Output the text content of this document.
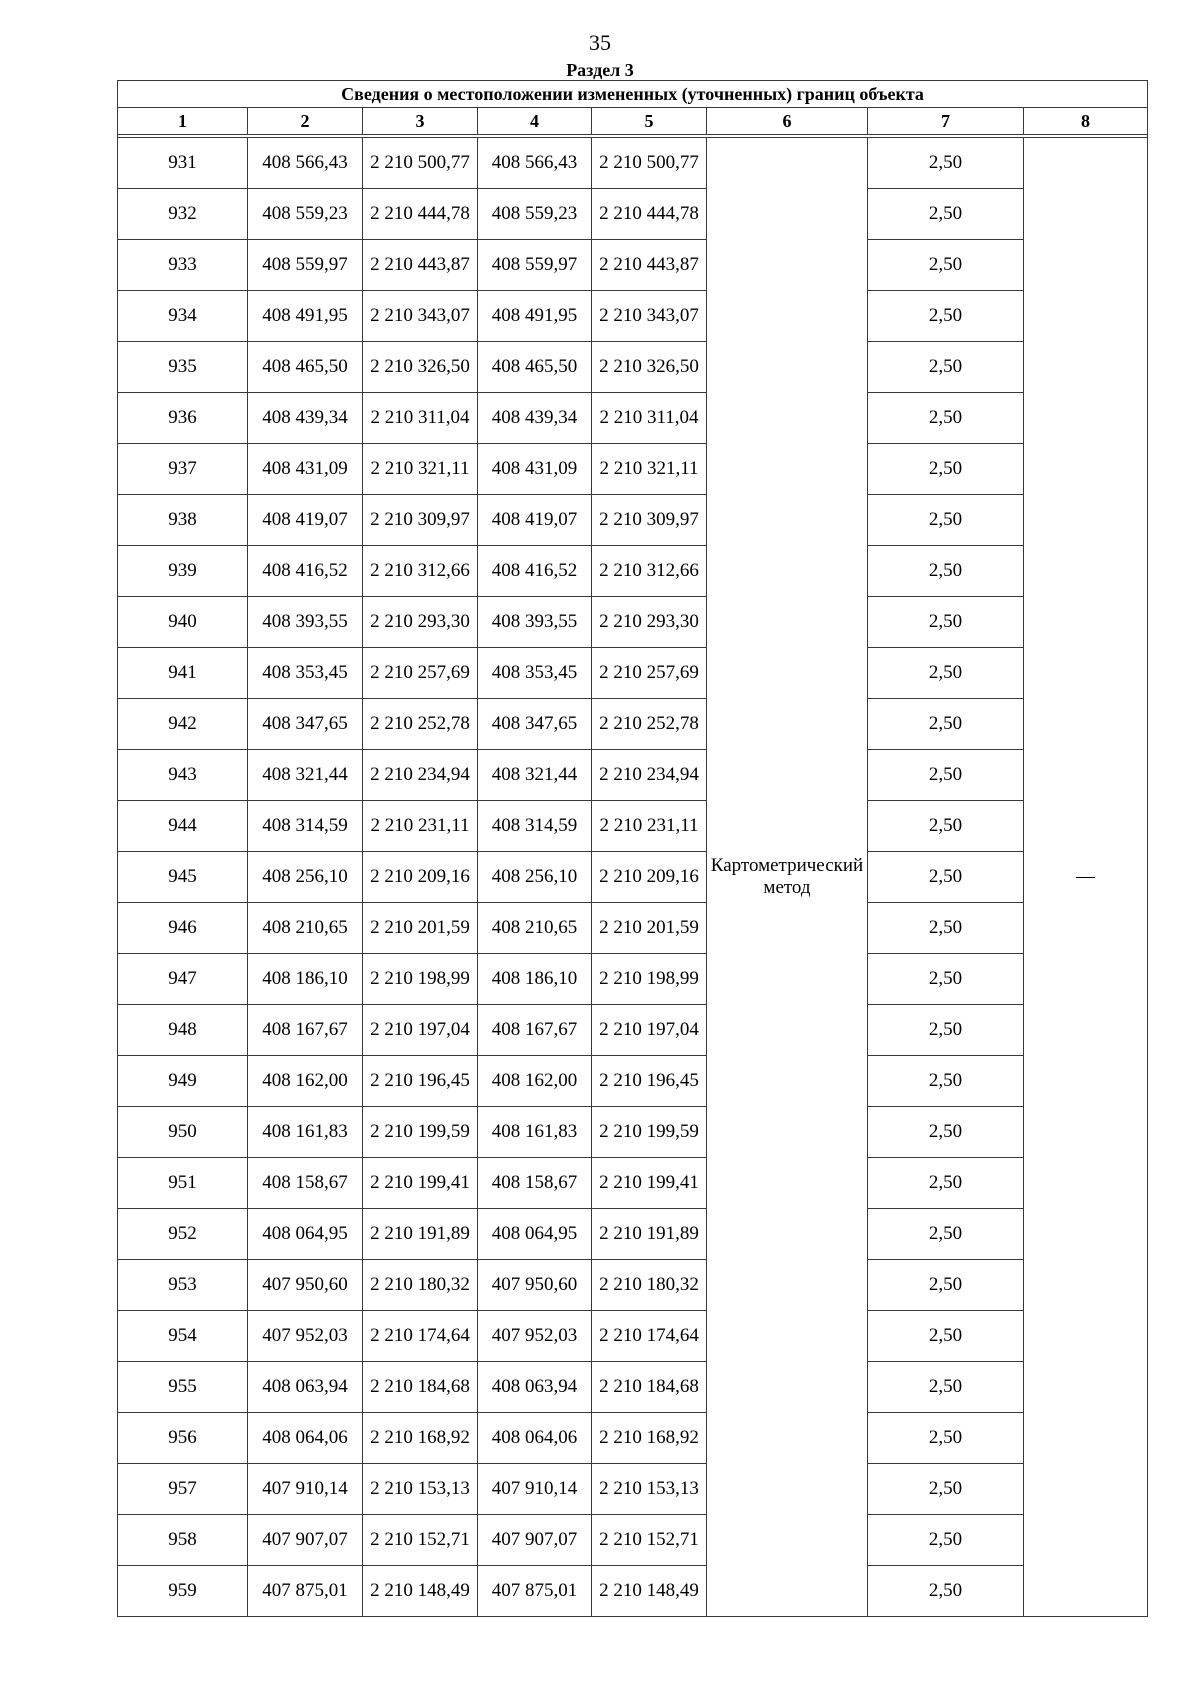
35
Раздел 3
Сведения о местоположении измененных (уточненных) границ объекта							
1	2	3	4	5	6	7	8

931	408 566,43	2 210 500,77	408 566,43	2 210 500,77	Картометрический метод	2,50	—
932	408 559,23	2 210 444,78	408 559,23	2 210 444,78		2,50	
933	408 559,97	2 210 443,87	408 559,97	2 210 443,87		2,50	
934	408 491,95	2 210 343,07	408 491,95	2 210 343,07		2,50	
935	408 465,50	2 210 326,50	408 465,50	2 210 326,50		2,50	
936	408 439,34	2 210 311,04	408 439,34	2 210 311,04		2,50	
937	408 431,09	2 210 321,11	408 431,09	2 210 321,11		2,50	
938	408 419,07	2 210 309,97	408 419,07	2 210 309,97		2,50	
939	408 416,52	2 210 312,66	408 416,52	2 210 312,66		2,50	
940	408 393,55	2 210 293,30	408 393,55	2 210 293,30		2,50	
941	408 353,45	2 210 257,69	408 353,45	2 210 257,69		2,50	
942	408 347,65	2 210 252,78	408 347,65	2 210 252,78		2,50	
943	408 321,44	2 210 234,94	408 321,44	2 210 234,94		2,50	
944	408 314,59	2 210 231,11	408 314,59	2 210 231,11		2,50	
945	408 256,10	2 210 209,16	408 256,10	2 210 209,16		2,50	
946	408 210,65	2 210 201,59	408 210,65	2 210 201,59		2,50	
947	408 186,10	2 210 198,99	408 186,10	2 210 198,99		2,50	
948	408 167,67	2 210 197,04	408 167,67	2 210 197,04		2,50	
949	408 162,00	2 210 196,45	408 162,00	2 210 196,45		2,50	
950	408 161,83	2 210 199,59	408 161,83	2 210 199,59		2,50	
951	408 158,67	2 210 199,41	408 158,67	2 210 199,41		2,50	
952	408 064,95	2 210 191,89	408 064,95	2 210 191,89		2,50	
953	407 950,60	2 210 180,32	407 950,60	2 210 180,32		2,50	
954	407 952,03	2 210 174,64	407 952,03	2 210 174,64		2,50	
955	408 063,94	2 210 184,68	408 063,94	2 210 184,68		2,50	
956	408 064,06	2 210 168,92	408 064,06	2 210 168,92		2,50	
957	407 910,14	2 210 153,13	407 910,14	2 210 153,13		2,50	
958	407 907,07	2 210 152,71	407 907,07	2 210 152,71		2,50	
959	407 875,01	2 210 148,49	407 875,01	2 210 148,49		2,50	
